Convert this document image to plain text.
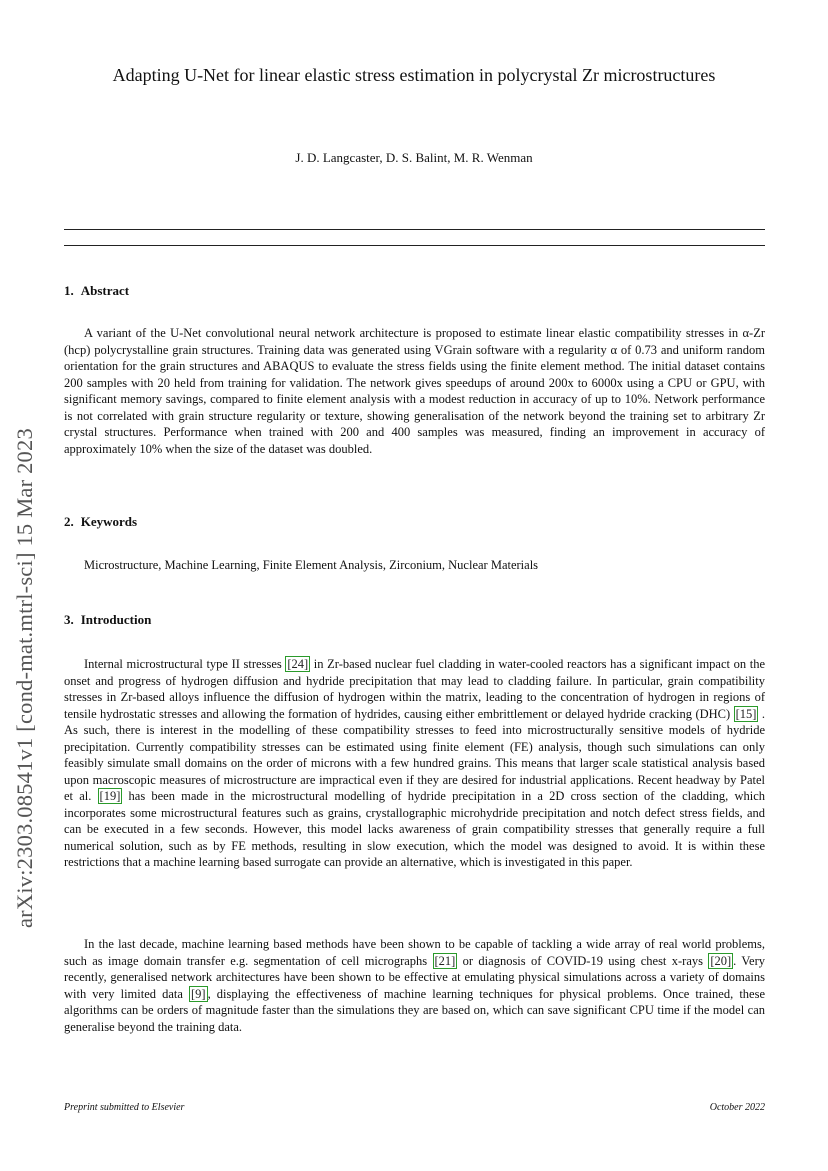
arXiv:2303.08541v1 [cond-mat.mtrl-sci] 15 Mar 2023
Adapting U-Net for linear elastic stress estimation in polycrystal Zr microstructures
J. D. Langcaster, D. S. Balint, M. R. Wenman
1. Abstract

A variant of the U-Net convolutional neural network architecture is proposed to estimate linear elastic compatibility stresses in α-Zr (hcp) polycrystalline grain structures. Training data was generated using VGrain software with a regularity α of 0.73 and uniform random orientation for the grain structures and ABAQUS to evaluate the stress fields using the finite element method. The initial dataset contains 200 samples with 20 held from training for validation. The network gives speedups of around 200x to 6000x using a CPU or GPU, with significant memory savings, compared to finite element analysis with a modest reduction in accuracy of up to 10%. Network performance is not correlated with grain structure regularity or texture, showing generalisation of the network beyond the training set to arbitrary Zr crystal structures. Performance when trained with 200 and 400 samples was measured, finding an improvement in accuracy of approximately 10% when the size of the dataset was doubled.

2. Keywords

Microstructure, Machine Learning, Finite Element Analysis, Zirconium, Nuclear Materials

3. Introduction

Internal microstructural type II stresses [24] in Zr-based nuclear fuel cladding in water-cooled reactors has a significant impact on the onset and progress of hydrogen diffusion and hydride precipitation that may lead to cladding failure. In particular, grain compatibility stresses in Zr-based alloys influence the diffusion of hydrogen within the matrix, leading to the concentration of hydrogen in regions of tensile hydrostatic stresses and allowing the formation of hydrides, causing either embrittlement or delayed hydride cracking (DHC) [15] . As such, there is interest in the modelling of these compatibility stresses to feed into microstructurally sensitive models of hydride precipitation. Currently compatibility stresses can be estimated using finite element (FE) analysis, though such simulations can only feasibly simulate small domains on the order of microns with a few hundred grains. This means that larger scale statistical analysis based upon macroscopic measures of microstructure are impractical even if they are desired for industrial applications. Recent headway by Patel et al. [19] has been made in the microstructural modelling of hydride precipitation in a 2D cross section of the cladding, which incorporates some microstructural features such as grains, crystallographic microhydride precipitation and notch defect stress fields, and can be executed in a few seconds. However, this model lacks awareness of grain compatibility stresses that generally require a full numerical solution, such as by FE methods, resulting in slow execution, which the model was designed to avoid. It is within these restrictions that a machine learning based surrogate can provide an alternative, which is investigated in this paper.

In the last decade, machine learning based methods have been shown to be capable of tackling a wide array of real world problems, such as image domain transfer e.g. segmentation of cell micrographs [21] or diagnosis of COVID-19 using chest x-rays [20] . Very recently, generalised network architectures have been shown to be effective at emulating physical simulations across a variety of domains with very limited data [9] , displaying the effectiveness of machine learning techniques for physical problems. Once trained, these algorithms can be orders of magnitude faster than the simulations they are based on, which can save significant CPU time if the model can generalise beyond the training data.

Preprint submitted to Elsevier	October 2022
